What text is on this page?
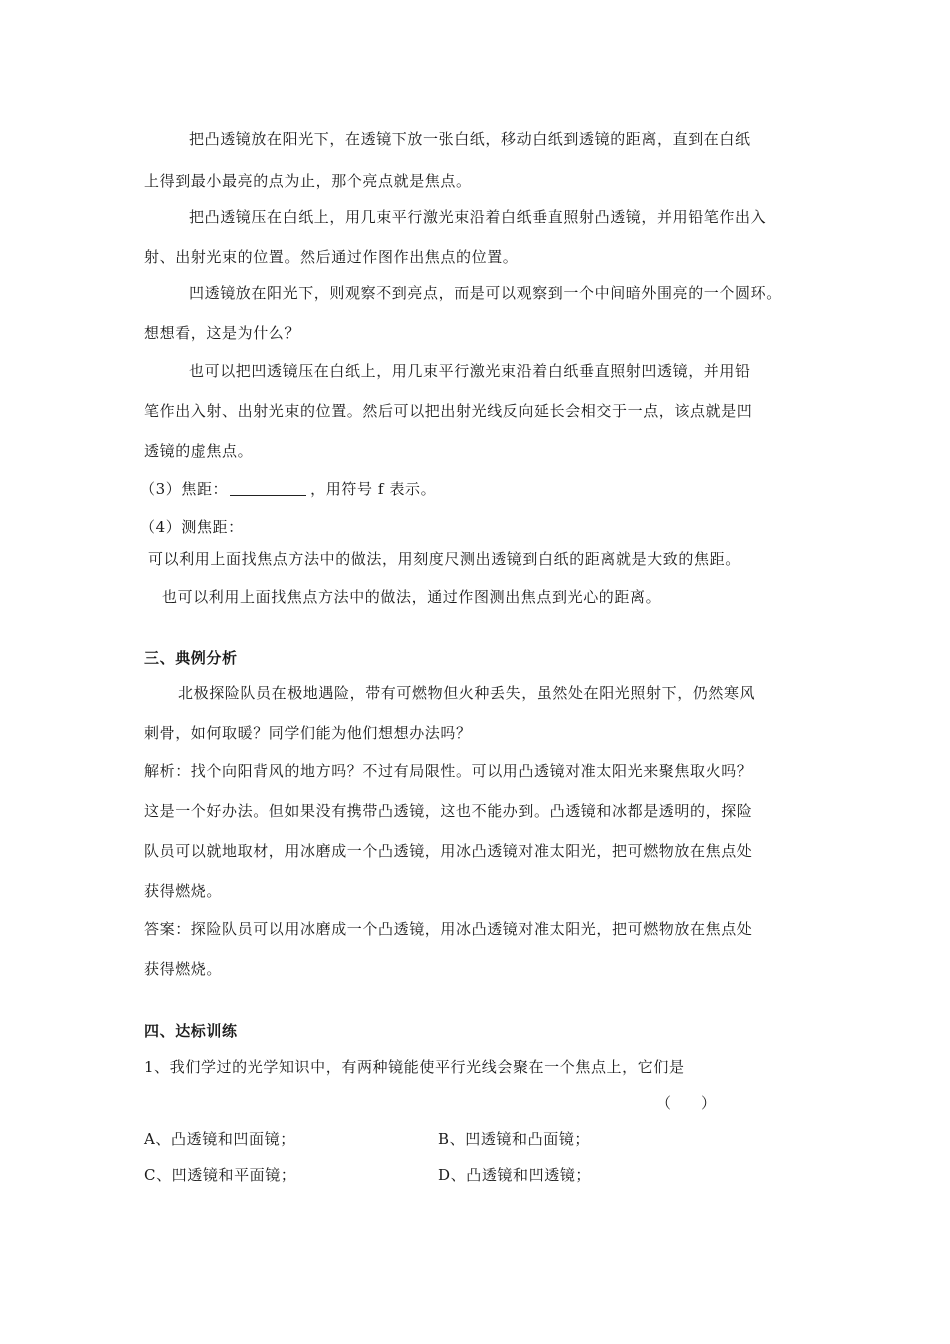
把凸透镜放在阳光下，在透镜下放一张白纸，移动白纸到透镜的距离，直到在白纸
上得到最小最亮的点为止，那个亮点就是焦点。
把凸透镜压在白纸上，用几束平行激光束沿着白纸垂直照射凸透镜，并用铅笔作出入
射、出射光束的位置。然后通过作图作出焦点的位置。
凹透镜放在阳光下，则观察不到亮点，而是可以观察到一个中间暗外围亮的一个圆环。
想想看，这是为什么？
也可以把凹透镜压在白纸上，用几束平行激光束沿着白纸垂直照射凹透镜，并用铅
笔作出入射、出射光束的位置。然后可以把出射光线反向延长会相交于一点，该点就是凹
透镜的虚焦点。
（3）焦距：	，用符号 f 表示。
（4）测焦距：
可以利用上面找焦点方法中的做法，用刻度尺测出透镜到白纸的距离就是大致的焦距。
也可以利用上面找焦点方法中的做法，通过作图测出焦点到光心的距离。
三、典例分析
北极探险队员在极地遇险，带有可燃物但火种丢失，虽然处在阳光照射下，仍然寒风
刺骨，如何取暖？同学们能为他们想想办法吗？
解析：找个向阳背风的地方吗？不过有局限性。可以用凸透镜对准太阳光来聚焦取火吗？
这是一个好办法。但如果没有携带凸透镜，这也不能办到。凸透镜和冰都是透明的，探险
队员可以就地取材，用冰磨成一个凸透镜，用冰凸透镜对准太阳光，把可燃物放在焦点处
获得燃烧。
答案：探险队员可以用冰磨成一个凸透镜，用冰凸透镜对准太阳光，把可燃物放在焦点处
获得燃烧。
四、达标训练
1、我们学过的光学知识中，有两种镜能使平行光线会聚在一个焦点上，它们是
（　　）
A、凸透镜和凹面镜；	B、凹透镜和凸面镜；
C、凹透镜和平面镜；	D、凸透镜和凹透镜；
